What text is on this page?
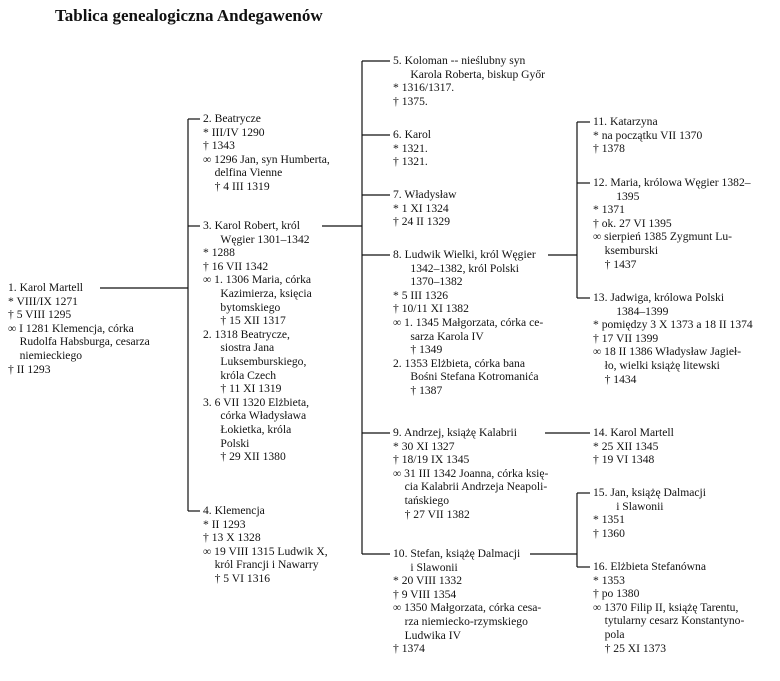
Tablica genealogiczna Andegawenów
1. Karol Martell
* VIII/IX 1271
† 5 VIII 1295
∞ I 1281 Klemencja, córka
Rudolfa Habsburga, cesarza
niemieckiego
† II 1293
2. Beatrycze
* III/IV 1290
† 1343
∞ 1296 Jan, syn Humberta,
delfina Vienne
† 4 III 1319
3. Karol Robert, król
Węgier 1301–1342
* 1288
† 16 VII 1342
∞ 1. 1306 Maria, córka
Kazimierza, księcia
bytomskiego
† 15 XII 1317
2. 1318 Beatrycze,
siostra Jana
Luksemburskiego,
króla Czech
† 11 XI 1319
3. 6 VII 1320 Elżbieta,
córka Władysława
Łokietka, króla
Polski
† 29 XII 1380
4. Klemencja
* II 1293
† 13 X 1328
∞ 19 VIII 1315 Ludwik X,
król Francji i Nawarry
† 5 VI 1316
5. Koloman -- nieślubny syn
Karola Roberta, biskup Győr
* 1316/1317.
† 1375.
6. Karol
* 1321.
† 1321.
7. Władysław
* 1 XI 1324
† 24 II 1329
8. Ludwik Wielki, król Węgier
1342–1382, król Polski
1370–1382
* 5 III 1326
† 10/11 XI 1382
∞ 1. 1345 Małgorzata, córka ce-
sarza Karola IV
† 1349
2. 1353 Elżbieta, córka bana
Bośni Stefana Kotromanića
† 1387
9. Andrzej, książę Kalabrii
* 30 XI 1327
† 18/19 IX 1345
∞ 31 III 1342 Joanna, córka księ-
cia Kalabrii Andrzeja Neapoli-
tańskiego
† 27 VII 1382
10. Stefan, książę Dalmacji
i Slawonii
* 20 VIII 1332
† 9 VIII 1354
∞ 1350 Małgorzata, córka cesa-
rza niemiecko-rzymskiego
Ludwika IV
† 1374
11. Katarzyna
* na początku VII 1370
† 1378
12. Maria, królowa Węgier 1382–
1395
* 1371
† ok. 27 VI 1395
∞ sierpień 1385 Zygmunt Lu-
ksemburski
† 1437
13. Jadwiga, królowa Polski
1384–1399
* pomiędzy 3 X 1373 a 18 II 1374
† 17 VII 1399
∞ 18 II 1386 Władysław Jagieł-
ło, wielki książę litewski
† 1434
14. Karol Martell
* 25 XII 1345
† 19 VI 1348
15. Jan, książę Dalmacji
i Slawonii
* 1351
† 1360
16. Elżbieta Stefanówna
* 1353
† po 1380
∞ 1370 Filip II, książę Tarentu,
tytularny cesarz Konstantyno-
pola
† 25 XI 1373
